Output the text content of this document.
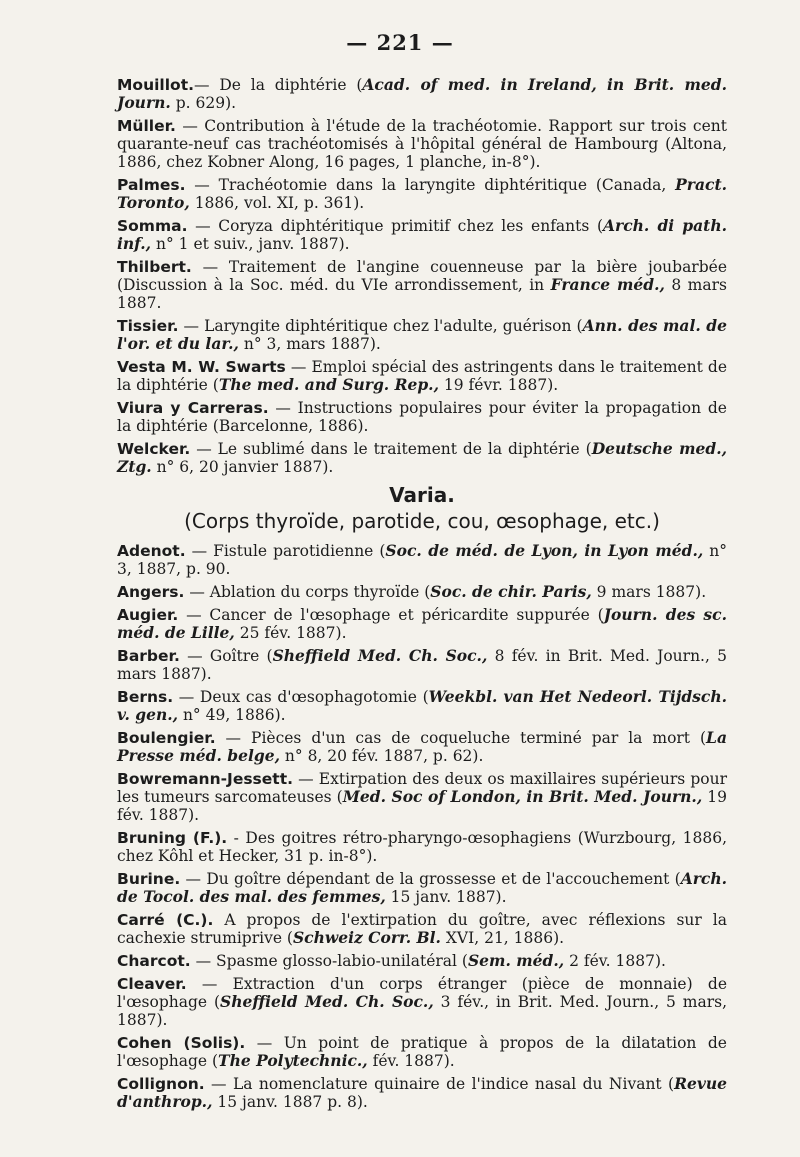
— 221 —

Mouillot.— De la diphtérie (Acad. of med. in Ireland, in Brit. med. Journ. p. 629).

Müller. — Contribution à l'étude de la trachéotomie. Rapport sur trois cent quarante-neuf cas trachéotomisés à l'hôpital général de Hambourg (Altona, 1886, chez Kobner Along, 16 pages, 1 planche, in-8°).

Palmes. — Trachéotomie dans la laryngite diphtéritique (Canada, Pract. Toronto, 1886, vol. XI, p. 361).

Somma. — Coryza diphtéritique primitif chez les enfants (Arch. di path. inf., n° 1 et suiv., janv. 1887).

Thilbert. — Traitement de l'angine couenneuse par la bière joubarbée (Discussion à la Soc. méd. du VIe arrondissement, in France méd., 8 mars 1887.

Tissier. — Laryngite diphtéritique chez l'adulte, guérison (Ann. des mal. de l'or. et du lar., n° 3, mars 1887).

Vesta M. W. Swarts — Emploi spécial des astringents dans le traitement de la diphtérie (The med. and Surg. Rep., 19 févr. 1887).

Viura y Carreras. — Instructions populaires pour éviter la propagation de la diphtérie (Barcelonne, 1886).

Welcker. — Le sublimé dans le traitement de la diphtérie (Deutsche med., Ztg. n° 6, 20 janvier 1887).

Varia.
(Corps thyroïde, parotide, cou, œsophage, etc.)

Adenot. — Fistule parotidienne (Soc. de méd. de Lyon, in Lyon méd., n° 3, 1887, p. 90.

Angers. — Ablation du corps thyroïde (Soc. de chir. Paris, 9 mars 1887).

Augier. — Cancer de l'œsophage et péricardite suppurée (Journ. des sc. méd. de Lille, 25 fév. 1887).

Barber. — Goître (Sheffield Med. Ch. Soc., 8 fév. in Brit. Med. Journ., 5 mars 1887).

Berns. — Deux cas d'œsophagotomie (Weekbl. van Het Nedeorl. Tijdsch. v. gen., n° 49, 1886).

Boulengier. — Pièces d'un cas de coqueluche terminé par la mort (La Presse méd. belge, n° 8, 20 fév. 1887, p. 62).

Bowremann-Jessett. — Extirpation des deux os maxillaires supérieurs pour les tumeurs sarcomateuses (Med. Soc of London, in Brit. Med. Journ., 19 fév. 1887).

Bruning (F.). - Des goitres rétro-pharyngo-œsophagiens (Wurzbourg, 1886, chez Kôhl et Hecker, 31 p. in-8°).

Burine. — Du goître dépendant de la grossesse et de l'accouchement (Arch. de Tocol. des mal. des femmes, 15 janv. 1887).

Carré (C.). A propos de l'extirpation du goître, avec réflexions sur la cachexie strumiprive (Schweiz Corr. Bl. XVI, 21, 1886).

Charcot. — Spasme glosso-labio-unilatéral (Sem. méd., 2 fév. 1887).

Cleaver. — Extraction d'un corps étranger (pièce de monnaie) de l'œsophage (Sheffield Med. Ch. Soc., 3 fév., in Brit. Med. Journ., 5 mars, 1887).

Cohen (Solis). — Un point de pratique à propos de la dilatation de l'œsophage (The Polytechnic., fév. 1887).

Collignon. — La nomenclature quinaire de l'indice nasal du Nivant (Revue d'anthrop., 15 janv. 1887 p. 8).
